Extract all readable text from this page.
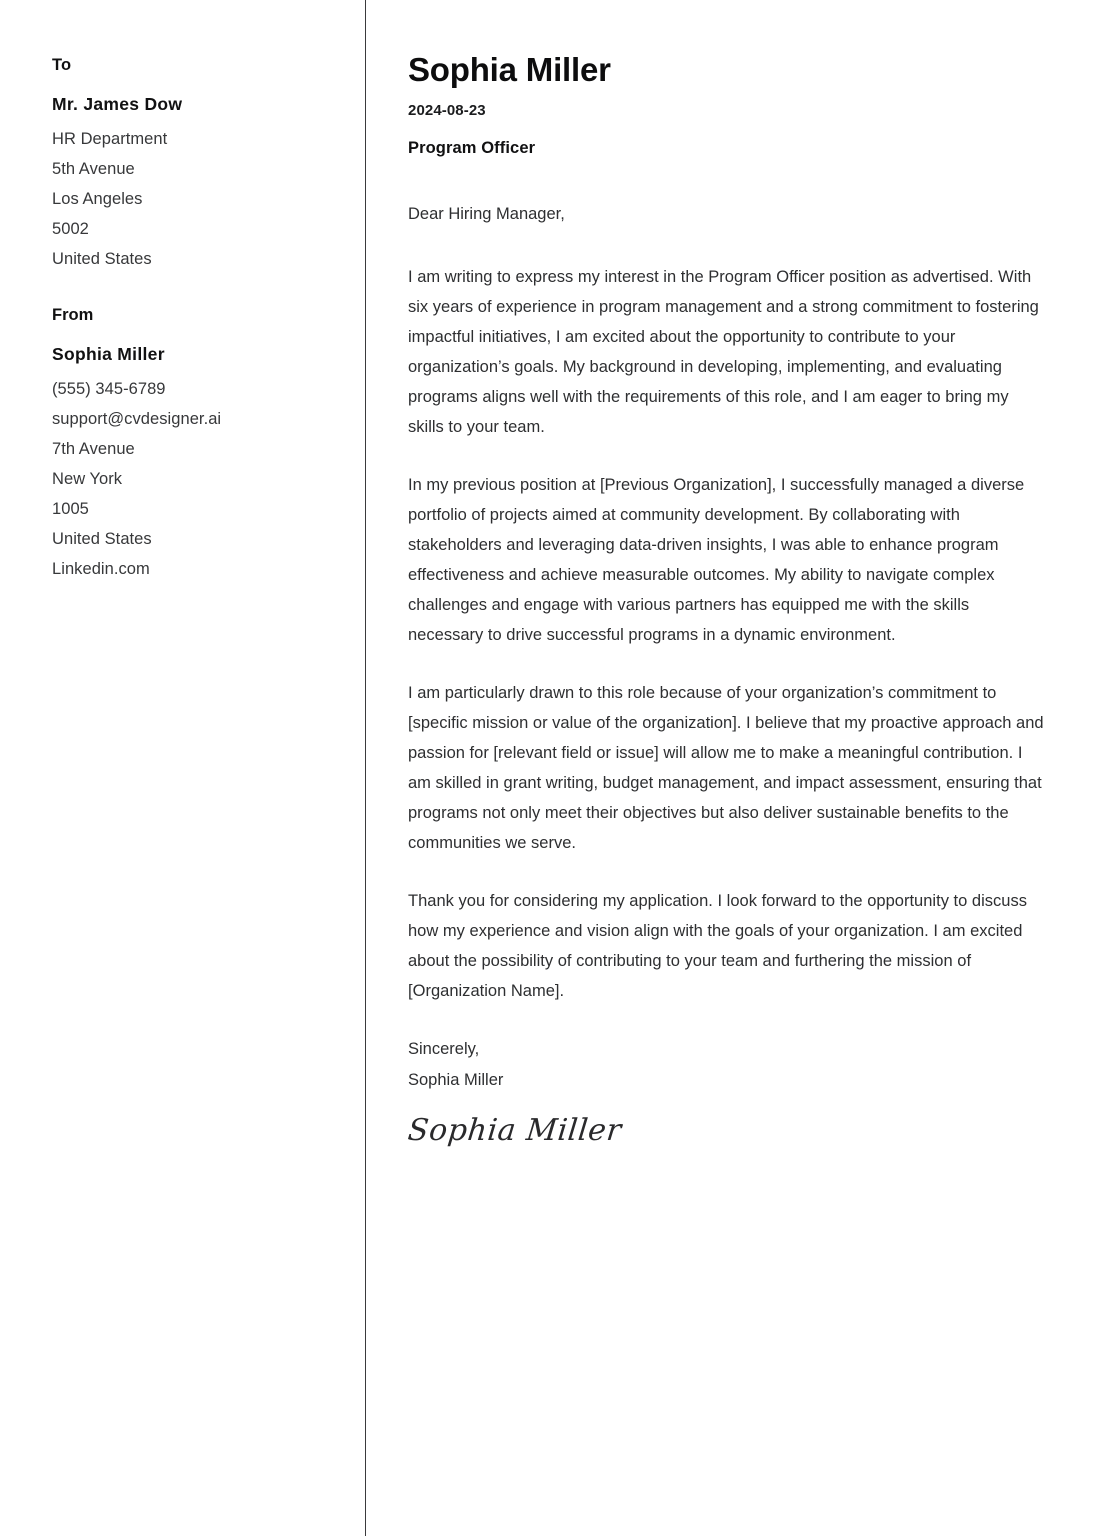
To
Mr. James Dow
HR Department
5th Avenue
Los Angeles
5002
United States
From
Sophia Miller
(555) 345-6789
support@cvdesigner.ai
7th Avenue
New York
1005
United States
Linkedin.com
Sophia Miller
2024-08-23
Program Officer
Dear Hiring Manager,

I am writing to express my interest in the Program Officer position as advertised. With six years of experience in program management and a strong commitment to fostering impactful initiatives, I am excited about the opportunity to contribute to your organization’s goals. My background in developing, implementing, and evaluating programs aligns well with the requirements of this role, and I am eager to bring my skills to your team.

In my previous position at [Previous Organization], I successfully managed a diverse portfolio of projects aimed at community development. By collaborating with stakeholders and leveraging data-driven insights, I was able to enhance program effectiveness and achieve measurable outcomes. My ability to navigate complex challenges and engage with various partners has equipped me with the skills necessary to drive successful programs in a dynamic environment.

I am particularly drawn to this role because of your organization’s commitment to [specific mission or value of the organization]. I believe that my proactive approach and passion for [relevant field or issue] will allow me to make a meaningful contribution. I am skilled in grant writing, budget management, and impact assessment, ensuring that programs not only meet their objectives but also deliver sustainable benefits to the communities we serve.

Thank you for considering my application. I look forward to the opportunity to discuss how my experience and vision align with the goals of your organization. I am excited about the possibility of contributing to your team and furthering the mission of [Organization Name].

Sincerely,
Sophia Miller
Sophia Miller
